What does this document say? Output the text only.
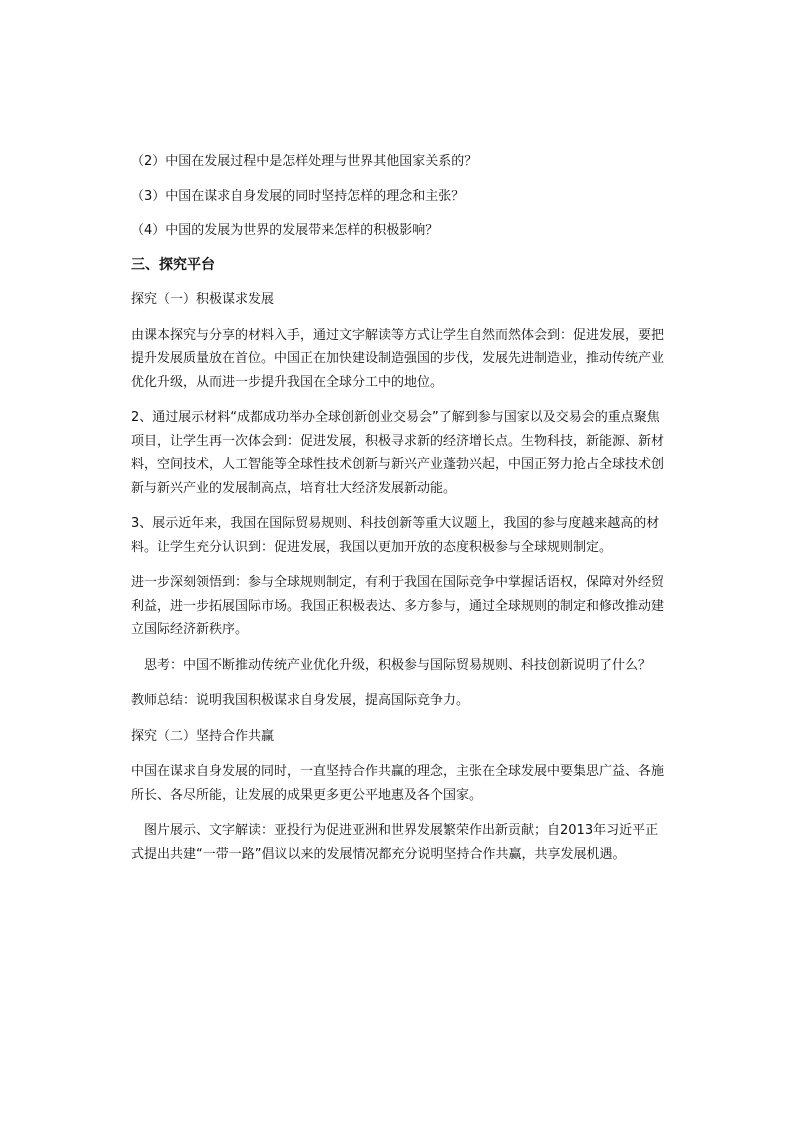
（2）中国在发展过程中是怎样处理与世界其他国家关系的？

（3）中国在谋求自身发展的同时坚持怎样的理念和主张？

（4）中国的发展为世界的发展带来怎样的积极影响？

三、探究平台

探究（一）积极谋求发展

由课本探究与分享的材料入手，通过文字解读等方式让学生自然而然体会到：促进发展，要把提升发展质量放在首位。中国正在加快建设制造强国的步伐，发展先进制造业，推动传统产业优化升级，从而进一步提升我国在全球分工中的地位。

2、通过展示材料“成都成功举办全球创新创业交易会”了解到参与国家以及交易会的重点聚焦项目，让学生再一次体会到：促进发展，积极寻求新的经济增长点。生物科技，新能源、新材料，空间技术，人工智能等全球性技术创新与新兴产业蓬勃兴起，中国正努力抢占全球技术创新与新兴产业的发展制高点，培育壮大经济发展新动能。

3、展示近年来，我国在国际贸易规则、科技创新等重大议题上，我国的参与度越来越高的材料。让学生充分认识到：促进发展，我国以更加开放的态度积极参与全球规则制定。

进一步深刻领悟到：参与全球规则制定，有利于我国在国际竞争中掌握话语权，保障对外经贸利益，进一步拓展国际市场。我国正积极表达、多方参与，通过全球规则的制定和修改推动建立国际经济新秩序。

思考：中国不断推动传统产业优化升级，积极参与国际贸易规则、科技创新说明了什么？

教师总结：说明我国积极谋求自身发展，提高国际竞争力。

探究（二）坚持合作共赢

中国在谋求自身发展的同时，一直坚持合作共赢的理念，主张在全球发展中要集思广益、各施所长、各尽所能，让发展的成果更多更公平地惠及各个国家。

图片展示、文字解读：亚投行为促进亚洲和世界发展繁荣作出新贡献；自2013年习近平正式提出共建“一带一路”倡议以来的发展情况都充分说明坚持合作共赢，共享发展机遇。
